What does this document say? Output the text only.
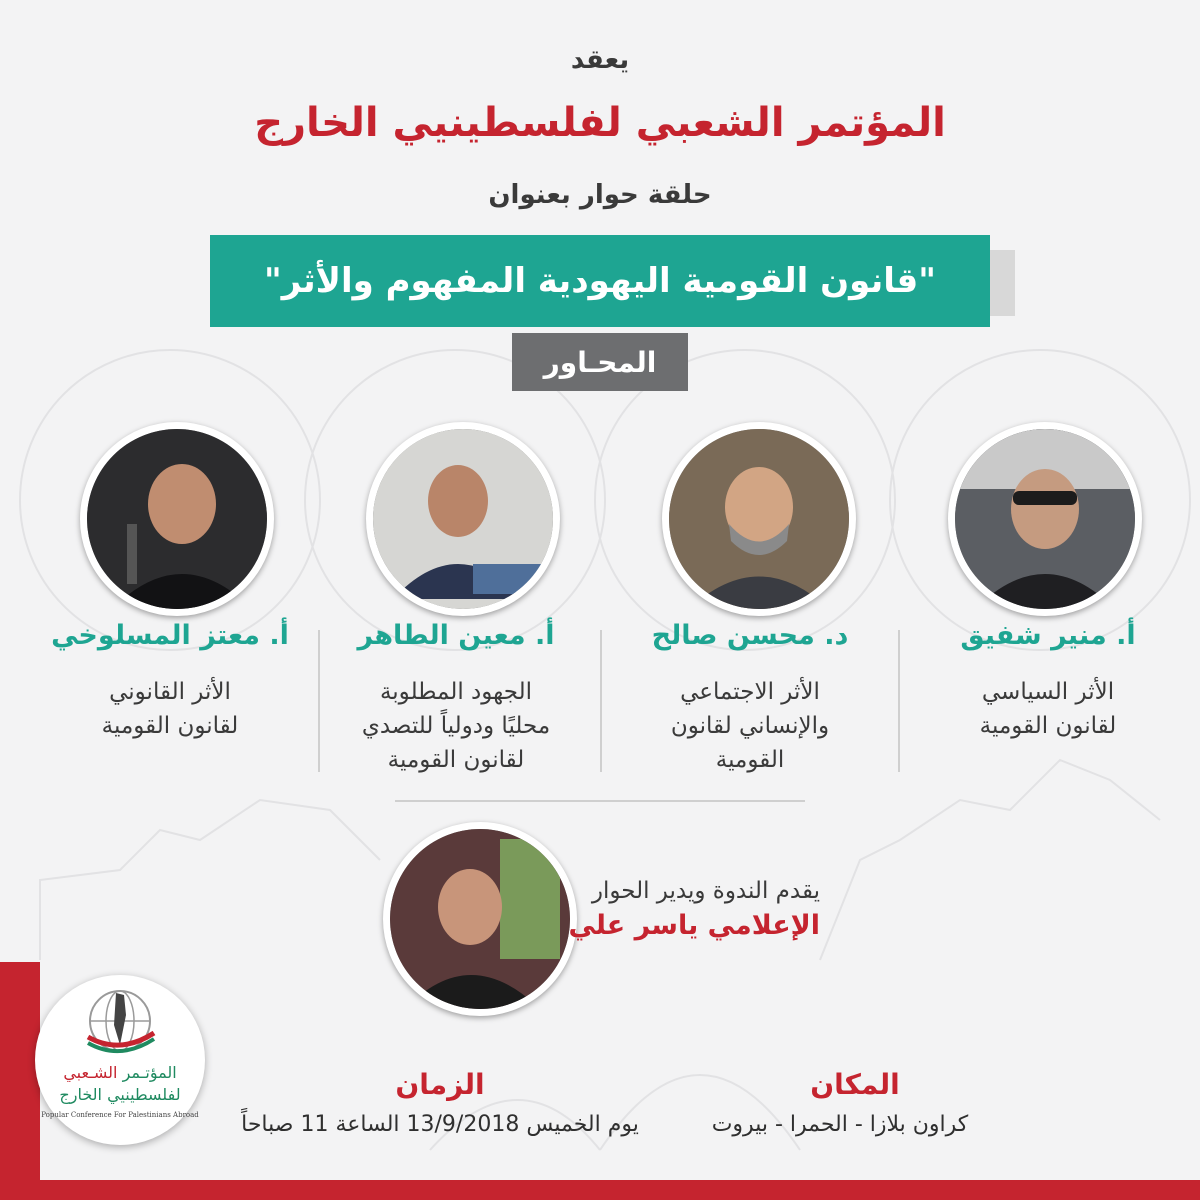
يعقد
المؤتمر الشعبي لفلسطينيي الخارج
حلقة حوار بعنوان
"قانون القومية اليهودية المفهوم والأثر"
المحـاور
أ. منير شفيق
د. محسن صالح
أ. معين الطاهر
أ. معتز المسلوخي
الأثر السياسي
لقانون القومية
الأثر الاجتماعي
والإنساني لقانون
القومية
الجهود المطلوبة
محليًا ودولياً للتصدي
لقانون القومية
الأثر القانوني
لقانون القومية
يقدم الندوة ويدير الحوار
الإعلامي ياسر علي
المؤتـمر الشـعبي
لفلسطينيي الخارج
Popular Conference For Palestinians Abroad
الزمان
يوم الخميس 13/9/2018 الساعة 11 صباحاً
المكان
كراون بلازا - الحمرا - بيروت
